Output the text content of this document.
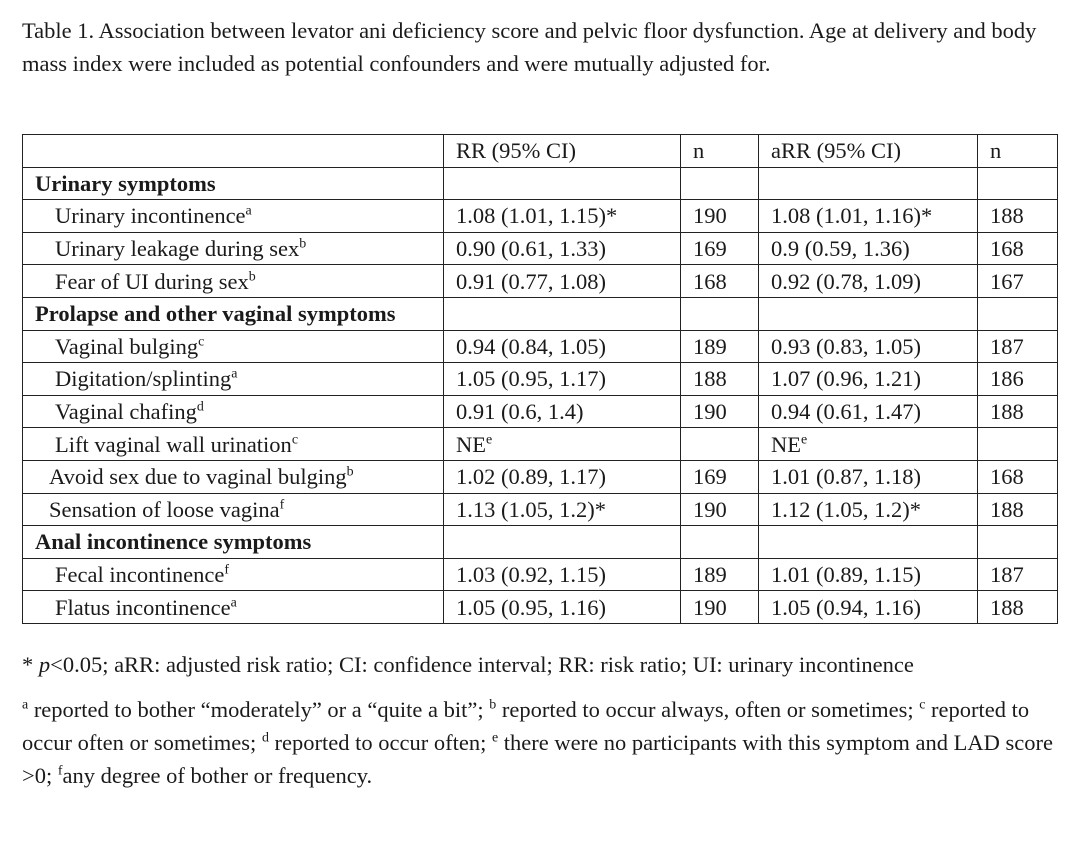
Table 1. Association between levator ani deficiency score and pelvic floor dysfunction. Age at delivery and body mass index were included as potential confounders and were mutually adjusted for.

	RR (95% CI)	n	aRR (95% CI)	n
Urinary symptoms				
Urinary incontinence$^a$	1.08 (1.01, 1.15)*	190	1.08 (1.01, 1.16)*	188
Urinary leakage during sex$^b$	0.90 (0.61, 1.33)	169	0.9 (0.59, 1.36)	168
Fear of UI during sex$^b$	0.91 (0.77, 1.08)	168	0.92 (0.78, 1.09)	167
Prolapse and other vaginal symptoms				
Vaginal bulging$^c$	0.94 (0.84, 1.05)	189	0.93 (0.83, 1.05)	187
Digitation/splinting$^a$	1.05 (0.95, 1.17)	188	1.07 (0.96, 1.21)	186
Vaginal chafing$^d$	0.91 (0.6, 1.4)	190	0.94 (0.61, 1.47)	188
Lift vaginal wall urination$^c$	$NE^e$		$NE^e$	
Avoid sex due to vaginal bulging$^b$	1.02 (0.89, 1.17)	169	1.01 (0.87, 1.18)	168
Sensation of loose vagina$^f$	1.13 (1.05, 1.2)*	190	1.12 (1.05, 1.2)*	188
Anal incontinence symptoms				
Fecal incontinence$^f$	1.03 (0.92, 1.15)	189	1.01 (0.89, 1.15)	187
Flatus incontinence$^a$	1.05 (0.95, 1.16)	190	1.05 (0.94, 1.16)	188

* p<0.05; aRR: adjusted risk ratio; CI: confidence interval; RR: risk ratio; UI: urinary incontinence

$^a$ reported to bother “moderately” or a “quite a bit”; $^b$ reported to occur always, often or sometimes; $^c$ reported to occur often or sometimes; $^d$ reported to occur often; $^e$ there were no participants with this symptom and LAD score >0; $^f$any degree of bother or frequency.
